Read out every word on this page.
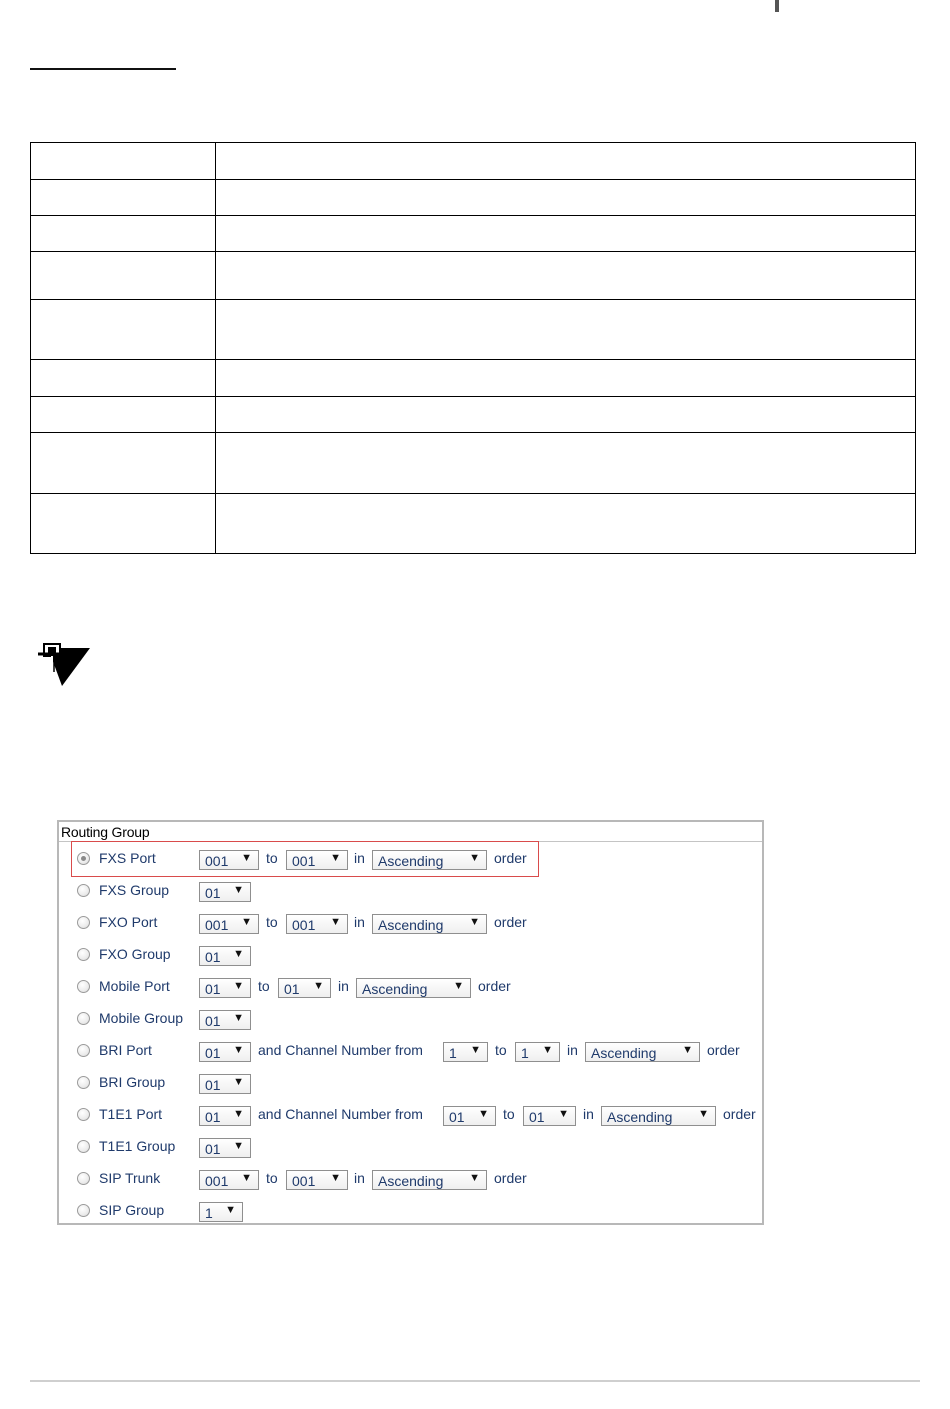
Routing Group
FXS Port	001 ▼ to 001 ▼ in Ascending ▼ order
FXS Group	01 ▼
FXO Port	001 ▼ to 001 ▼ in Ascending ▼ order
FXO Group 01 ▼
Mobile Port	01 ▼ to 01 ▼ in Ascending ▼ order
Mobile Group 01 ▼
BRI Port	01 ▼ and Channel Number from 1 ▼ to 1 ▼ in Ascending ▼ order
BRI Group	01 ▼
T1E1 Port	01 ▼ and Channel Number from 01 ▼ to 01 ▼ in Ascending ▼ order
T1E1 Group 01 ▼
SIP Trunk	001 ▼ to 001 ▼ in Ascending ▼ order
SIP Group	1 ▼
